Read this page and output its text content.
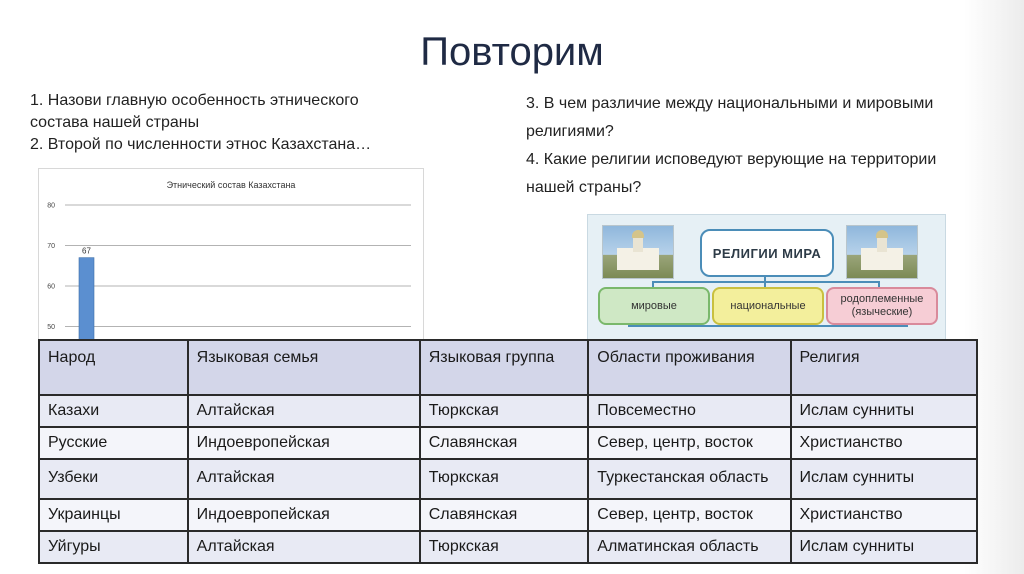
Повторим
1. Назови главную особенность этнического
состава нашей страны
2. Второй по численности этнос Казахстана…
3. В чем различие между национальными и мировыми
религиями?
4. Какие религии исповедуют верующие на территории
нашей страны?
Этнический состав Казахстана
80
70
60
50
67	РЕЛИГИИ МИРА
мировые	национальные
родоплеменные (языческие)
Народ	Языковая семья	Языковая группа	Области проживания	Религия
Казахи	Алтайская	Тюркская	Повсеместно	Ислам сунниты
Русские	Индоевропейская	Славянская	Север, центр, восток	Христианство
Узбеки	Алтайская	Тюркская	Туркестанская область	Ислам сунниты
Украинцы	Индоевропейская	Славянская	Север, центр, восток	Христианство
Уйгуры	Алтайская	Тюркская	Алматинская область	Ислам сунниты
